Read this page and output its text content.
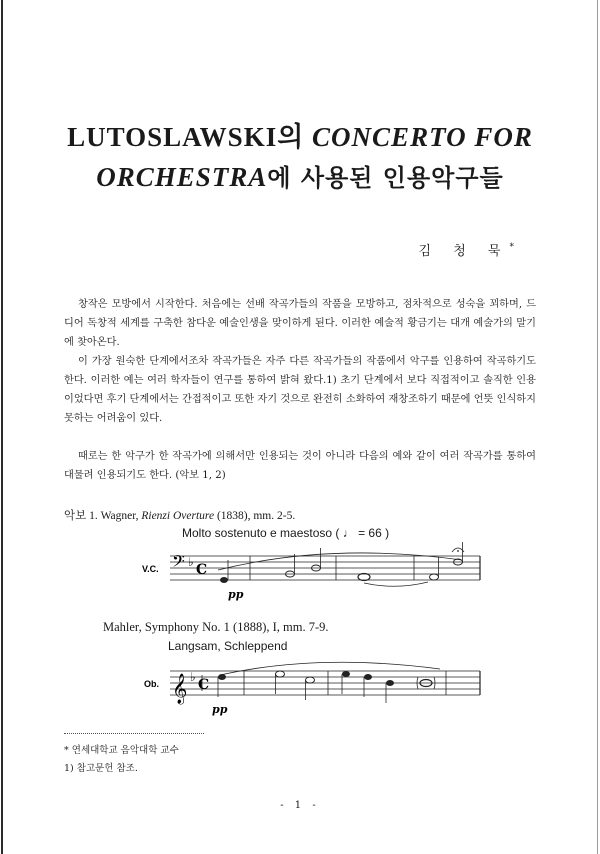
LUTOSLAWSKI의 CONCERTO FOR
ORCHESTRA에 사용된 인용악구들
김 청 묵*

창작은 모방에서 시작한다. 처음에는 선배 작곡가들의 작품을 모방하고, 점차적으로 성숙을 꾀하며, 드디어 독창적 세계를 구축한 참다운 예술인생을 맞이하게 된다. 이러한 예술적 황금기는 대개 예술가의 말기에 찾아온다.

이 가장 원숙한 단계에서조차 작곡가들은 자주 다른 작곡가들의 작품에서 악구를 인용하여 작곡하기도 한다. 이러한 예는 여러 학자들이 연구를 통하여 밝혀 왔다.1) 초기 단계에서 보다 직접적이고 솔직한 인용이었다면 후기 단계에서는 간접적이고 또한 자기 것으로 완전히 소화하여 재창조하기 때문에 언뜻 인식하지 못하는 어려움이 있다.

때로는 한 악구가 한 작곡가에 의해서만 인용되는 것이 아니라 다음의 예와 같이 여러 작곡가를 통하여 대물려 인용되기도 한다. (악보 1, 2)

악보 1. Wagner, Rienzi Overture (1838), mm. 2-5.
Molto sostenuto e maestoso ( ♩ = 66 )
V.C. 𝄢 ♭ C
pp
Mahler, Symphony No. 1 (1888), I, mm. 7-9.
Langsam, Schleppend
Ob. 𝄞 ♭ C
pp
* 연세대학교 음악대학 교수
1) 참고문헌 참조.
- 1 -
